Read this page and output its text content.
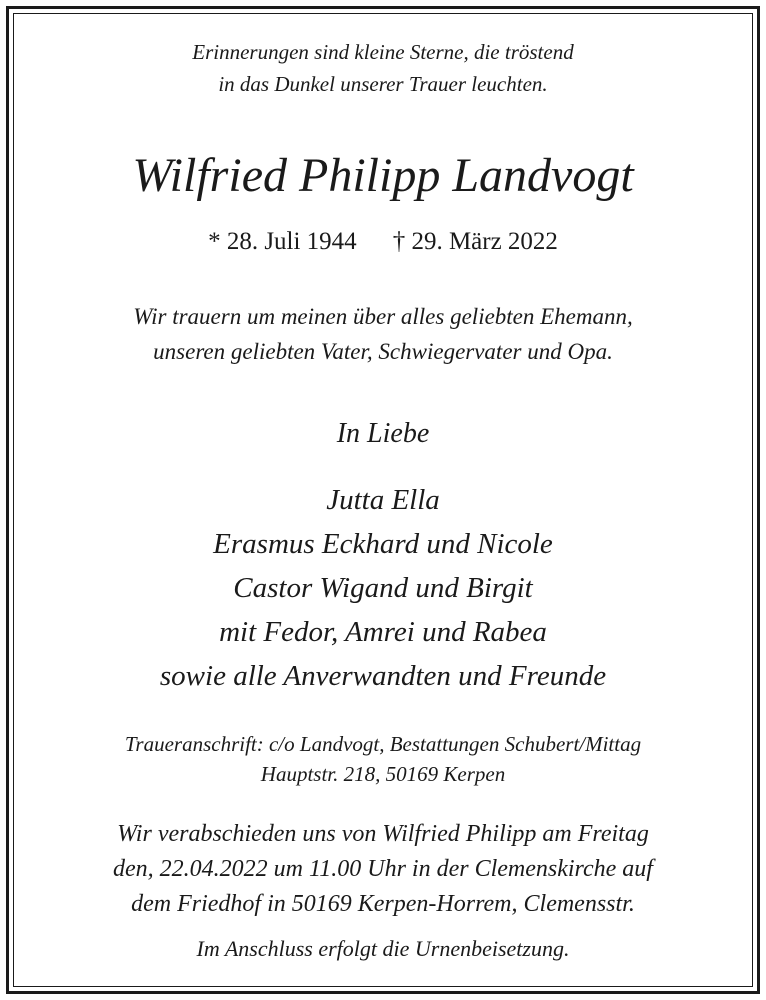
Erinnerungen sind kleine Sterne, die tröstend
in das Dunkel unserer Trauer leuchten.
Wilfried Philipp Landvogt
* 28. Juli 1944 † 29. März 2022
Wir trauern um meinen über alles geliebten Ehemann,
unseren geliebten Vater, Schwiegervater und Opa.
In Liebe
Jutta Ella
Erasmus Eckhard und Nicole
Castor Wigand und Birgit
mit Fedor, Amrei und Rabea
sowie alle Anverwandten und Freunde
Traueranschrift: c/o Landvogt, Bestattungen Schubert/Mittag
Hauptstr. 218, 50169 Kerpen
Wir verabschieden uns von Wilfried Philipp am Freitag
den, 22.04.2022 um 11.00 Uhr in der Clemenskirche auf
dem Friedhof in 50169 Kerpen-Horrem, Clemensstr.
Im Anschluss erfolgt die Urnenbeisetzung.
